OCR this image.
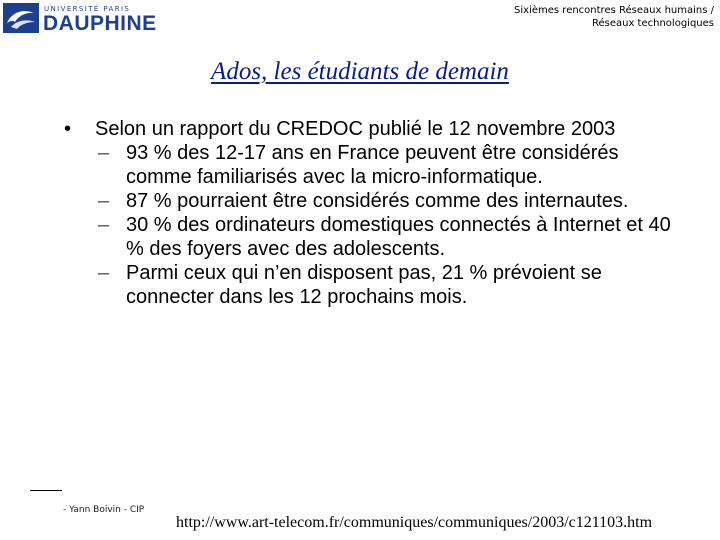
UNIVERSITÉ PARIS
DAUPHINE
Sixièmes rencontres Réseaux humains /
Réseaux technologiques
Ados, les étudiants de demain
• Selon un rapport du CREDOC publié le 12 novembre 2003
– 93 % des 12-17 ans en France peuvent être considérés comme familiarisés avec la micro-informatique.
– 87 % pourraient être considérés comme des internautes.
– 30 % des ordinateurs domestiques connectés à Internet et 40 % des foyers avec des adolescents.
– Parmi ceux qui n’en disposent pas, 21 % prévoient se connecter dans les 12 prochains mois.
- Yann Boivin - CIP
http://www.art-telecom.fr/communiques/communiques/2003/c121103.htm
